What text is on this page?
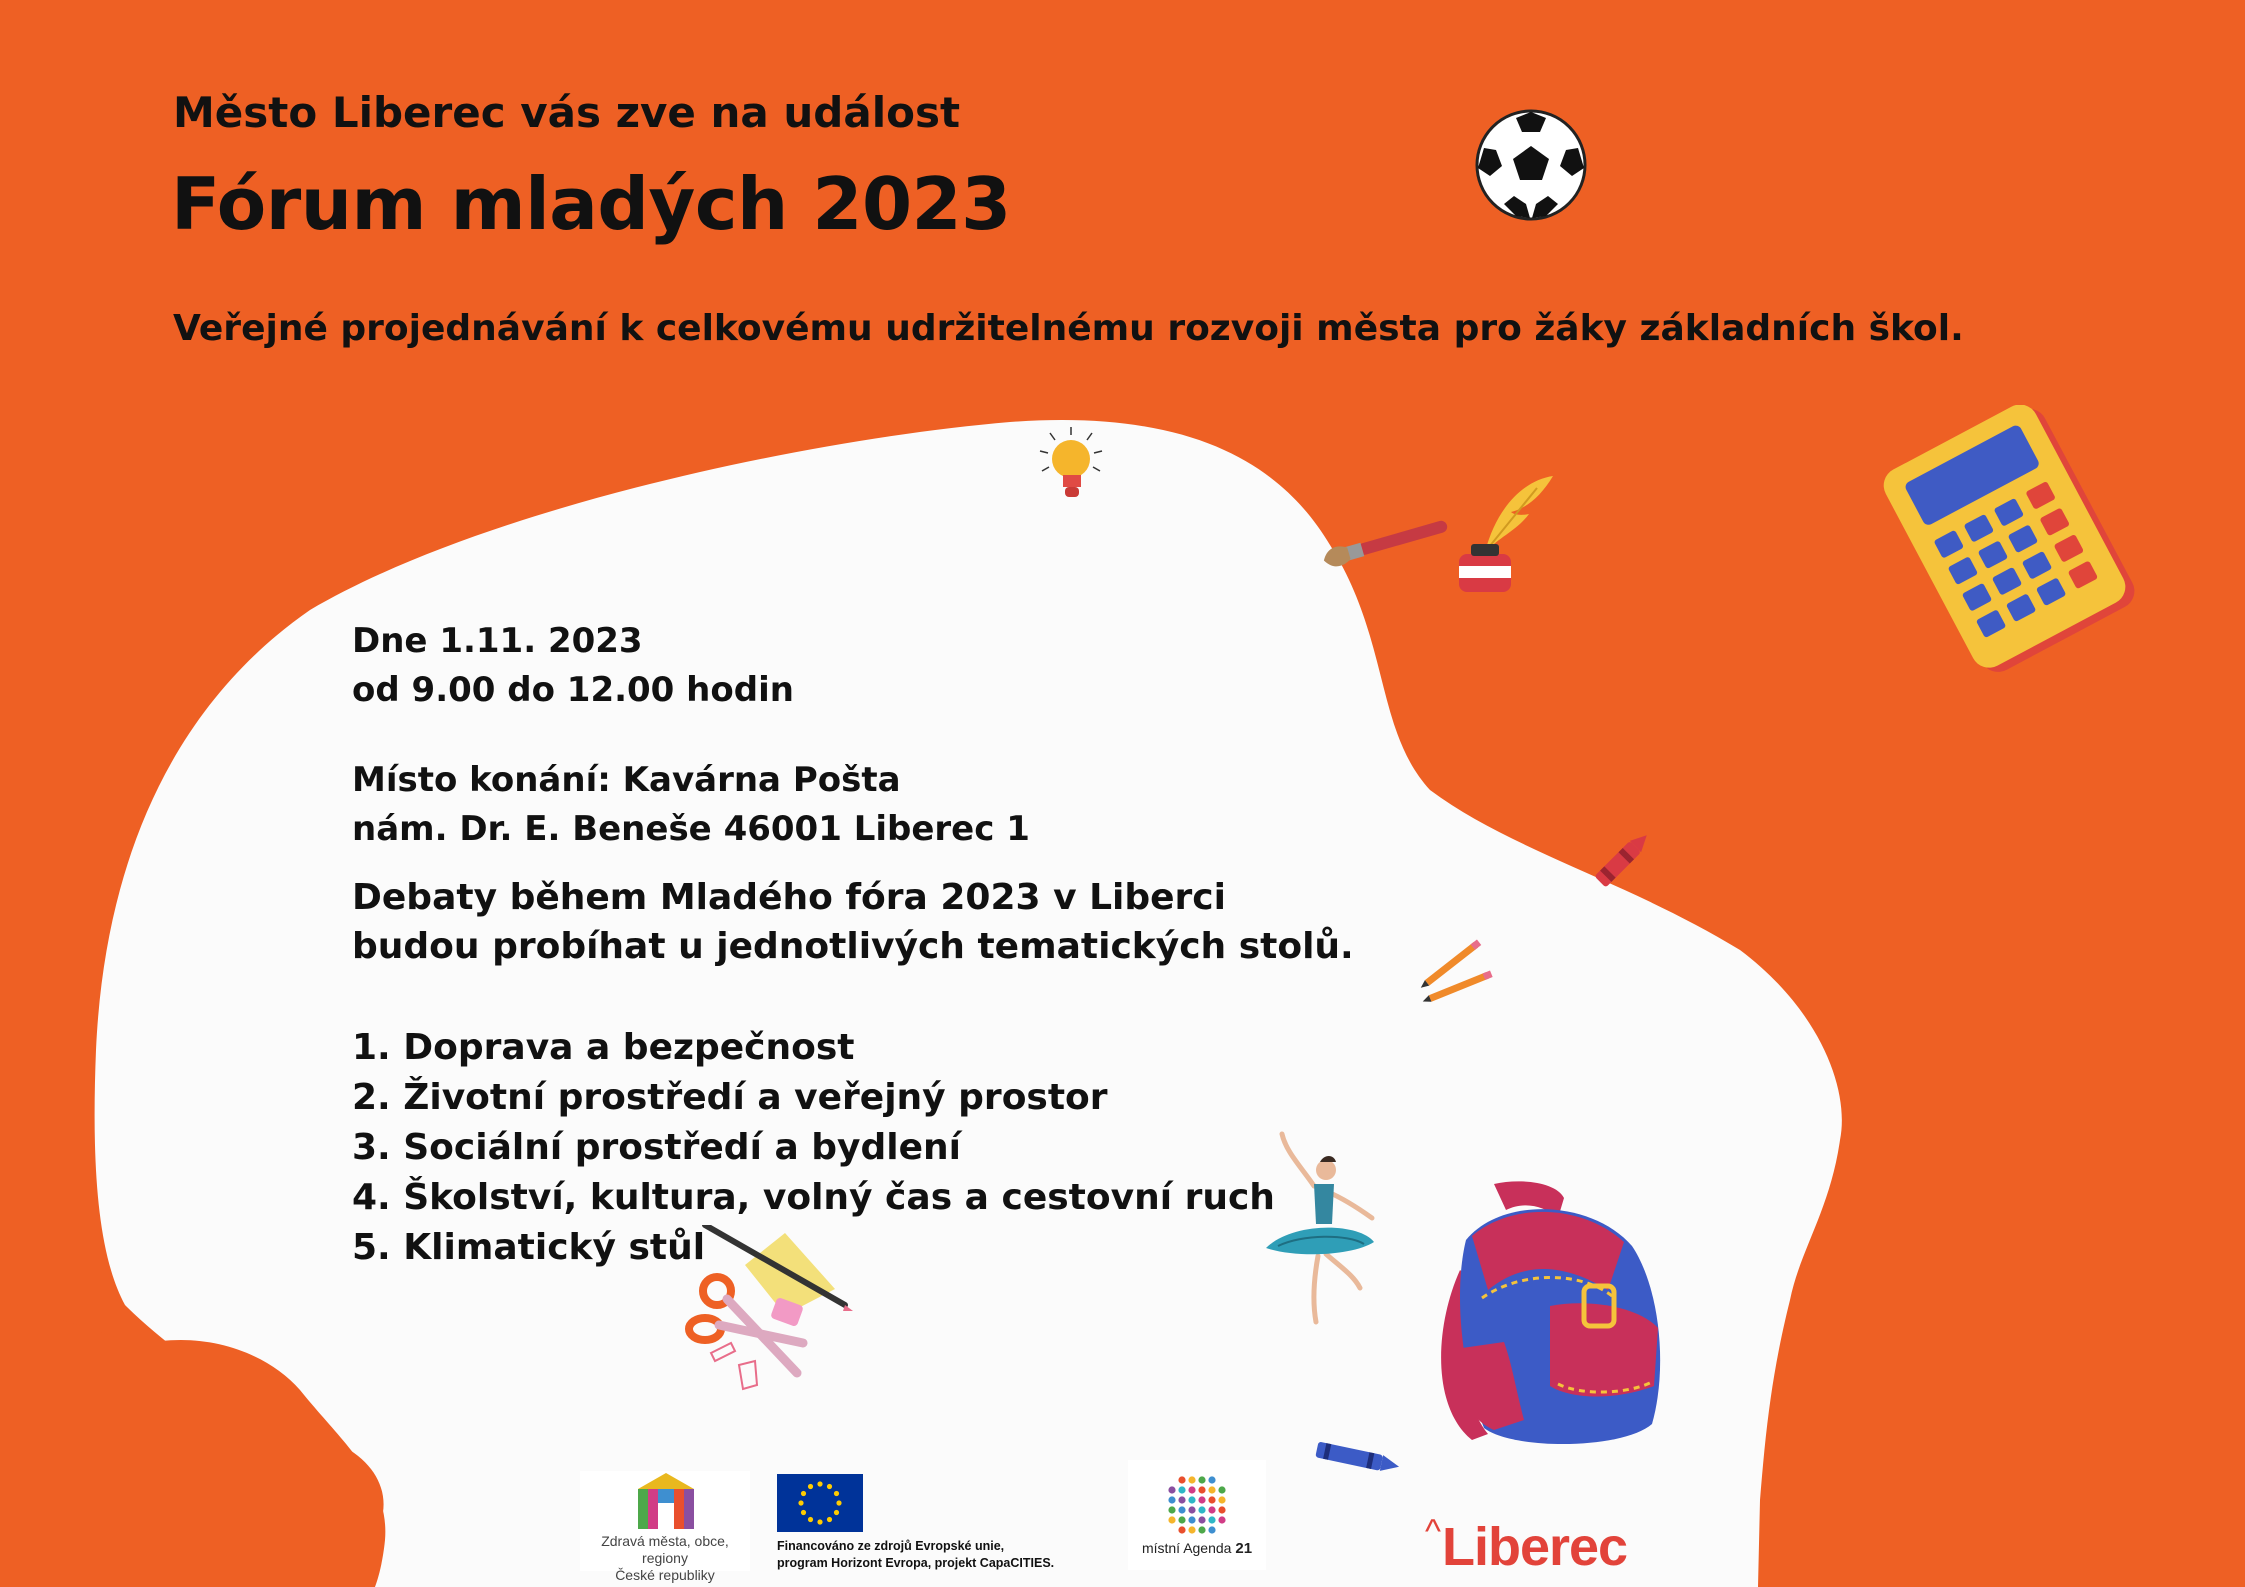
Město Liberec vás zve na událost
Fórum mladých 2023

Veřejné projednávání k celkovému udržitelnému rozvoji města pro žáky základních škol.

Dne 1.11. 2023
od 9.00 do 12.00 hodin
Místo konání: Kavárna Pošta
nám. Dr. E. Beneše 46001 Liberec 1
Debaty během Mladého fóra 2023 v Liberci
budou probíhat u jednotlivých tematických stolů.
1. Doprava a bezpečnost
2. Životní prostředí a veřejný prostor
3. Sociální prostředí a bydlení
4. Školství, kultura, volný čas a cestovní ruch
5. Klimatický stůl
Zdravá města, obce, regiony
České republiky
Financováno ze zdrojů Evropské unie,
program Horizont Evropa, projekt CapaCITIES.
místní Agenda 21	^Liberec
